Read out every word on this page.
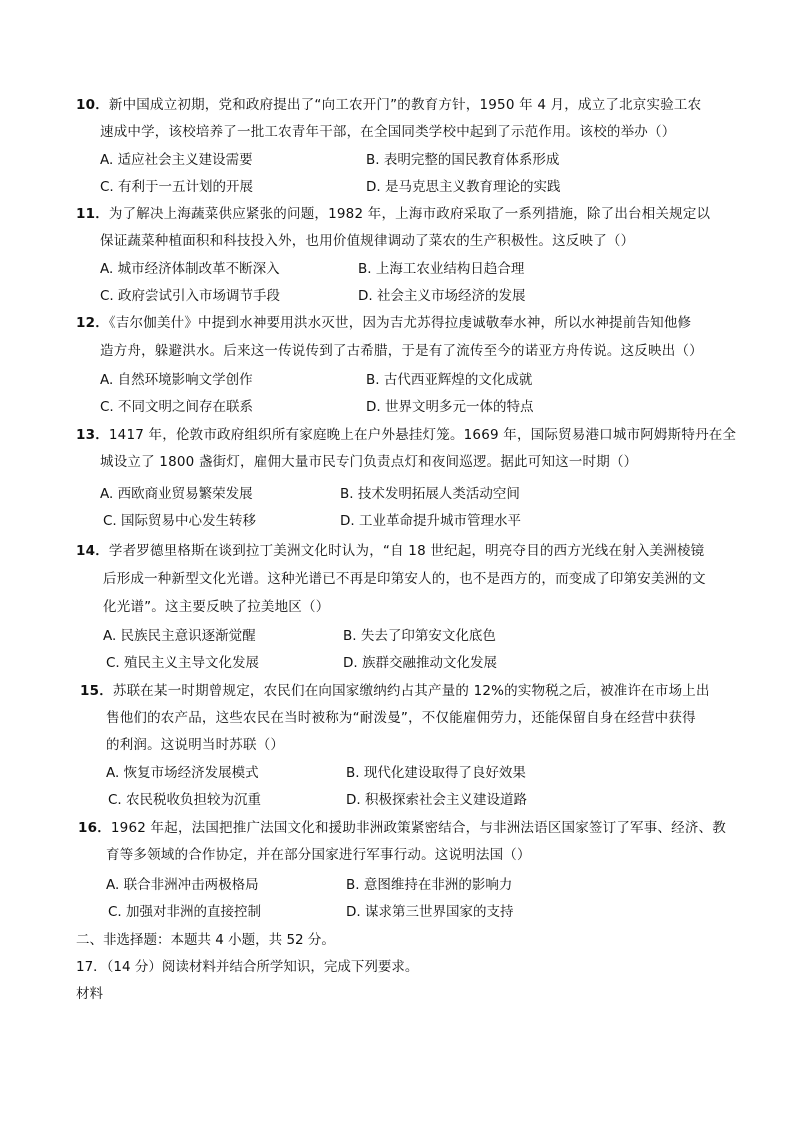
10．新中国成立初期，党和政府提出了“向工农开门”的教育方针，1950 年 4 月，成立了北京实验工农
速成中学，该校培养了一批工农青年干部，在全国同类学校中起到了示范作用。该校的举办（）
A. 适应社会主义建设需要	B. 表明完整的国民教育体系形成
C. 有利于一五计划的开展	D. 是马克思主义教育理论的实践
11．为了解决上海蔬菜供应紧张的问题，1982 年，上海市政府采取了一系列措施，除了出台相关规定以
保证蔬菜种植面积和科技投入外，也用价值规律调动了菜农的生产积极性。这反映了（）
A. 城市经济体制改革不断深入	B. 上海工农业结构日趋合理
C. 政府尝试引入市场调节手段	D. 社会主义市场经济的发展
12．《吉尔伽美什》中提到水神要用洪水灭世，因为吉尤苏得拉虔诚敬奉水神，所以水神提前告知他修
造方舟，躲避洪水。后来这一传说传到了古希腊，于是有了流传至今的诺亚方舟传说。这反映出（）
A. 自然环境影响文学创作	B. 古代西亚辉煌的文化成就
C. 不同文明之间存在联系	D. 世界文明多元一体的特点
13．1417 年，伦敦市政府组织所有家庭晚上在户外悬挂灯笼。1669 年，国际贸易港口城市阿姆斯特丹在全
城设立了 1800 盏街灯，雇佣大量市民专门负责点灯和夜间巡逻。据此可知这一时期（）
A. 西欧商业贸易繁荣发展	B. 技术发明拓展人类活动空间
C. 国际贸易中心发生转移	D. 工业革命提升城市管理水平
14．学者罗德里格斯在谈到拉丁美洲文化时认为，“自 18 世纪起，明亮夺目的西方光线在射入美洲棱镜
后形成一种新型文化光谱。这种光谱已不再是印第安人的，也不是西方的，而变成了印第安美洲的文
化光谱”。这主要反映了拉美地区（）
A. 民族民主意识逐渐觉醒	B. 失去了印第安文化底色
C. 殖民主义主导文化发展	D. 族群交融推动文化发展
15．苏联在某一时期曾规定，农民们在向国家缴纳约占其产量的 12%的实物税之后，被准许在市场上出
售他们的农产品，这些农民在当时被称为“耐泼曼”，不仅能雇佣劳力，还能保留自身在经营中获得
的利润。这说明当时苏联（）
A. 恢复市场经济发展模式	B. 现代化建设取得了良好效果
C. 农民税收负担较为沉重	D. 积极探索社会主义建设道路
16．1962 年起，法国把推广法国文化和援助非洲政策紧密结合，与非洲法语区国家签订了军事、经济、教
育等多领域的合作协定，并在部分国家进行军事行动。这说明法国（）
A. 联合非洲冲击两极格局	B. 意图维持在非洲的影响力
C. 加强对非洲的直接控制	D. 谋求第三世界国家的支持
二、非选择题：本题共 4 小题，共 52 分。
17．（14 分）阅读材料并结合所学知识，完成下列要求。
材料
